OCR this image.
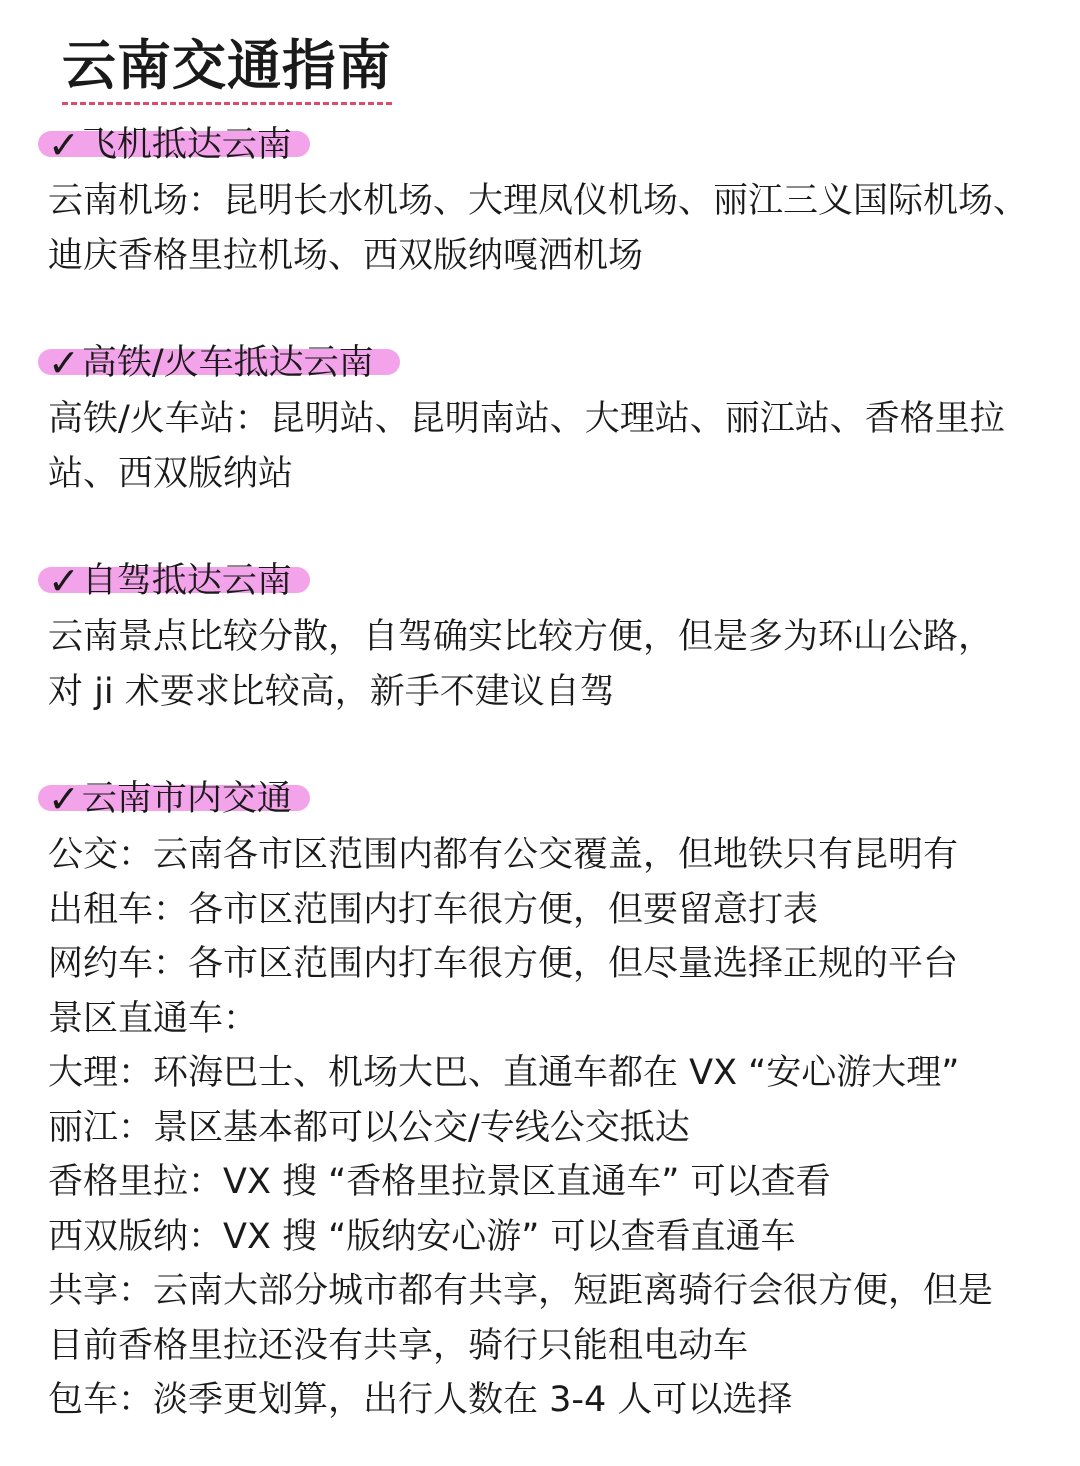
云南交通指南
✓ 飞机抵达云南
云南机场：昆明长水机场、大理凤仪机场、丽江三义国际机场、
迪庆香格里拉机场、西双版纳嘎洒机场
✓ 高铁/火车抵达云南
高铁/火车站：昆明站、昆明南站、大理站、丽江站、香格里拉
站、西双版纳站
✓ 自驾抵达云南
云南景点比较分散，自驾确实比较方便，但是多为环山公路，
对 ji 术要求比较高，新手不建议自驾
✓ 云南市内交通
公交：云南各市区范围内都有公交覆盖，但地铁只有昆明有
出租车：各市区范围内打车很方便，但要留意打表
网约车：各市区范围内打车很方便，但尽量选择正规的平台
景区直通车：
大理：环海巴士、机场大巴、直通车都在 VX “安心游大理”
丽江：景区基本都可以公交/专线公交抵达
香格里拉：VX 搜 “香格里拉景区直通车” 可以查看
西双版纳：VX 搜 “版纳安心游” 可以查看直通车
共享：云南大部分城市都有共享，短距离骑行会很方便，但是
目前香格里拉还没有共享，骑行只能租电动车
包车：淡季更划算，出行人数在 3-4 人可以选择
